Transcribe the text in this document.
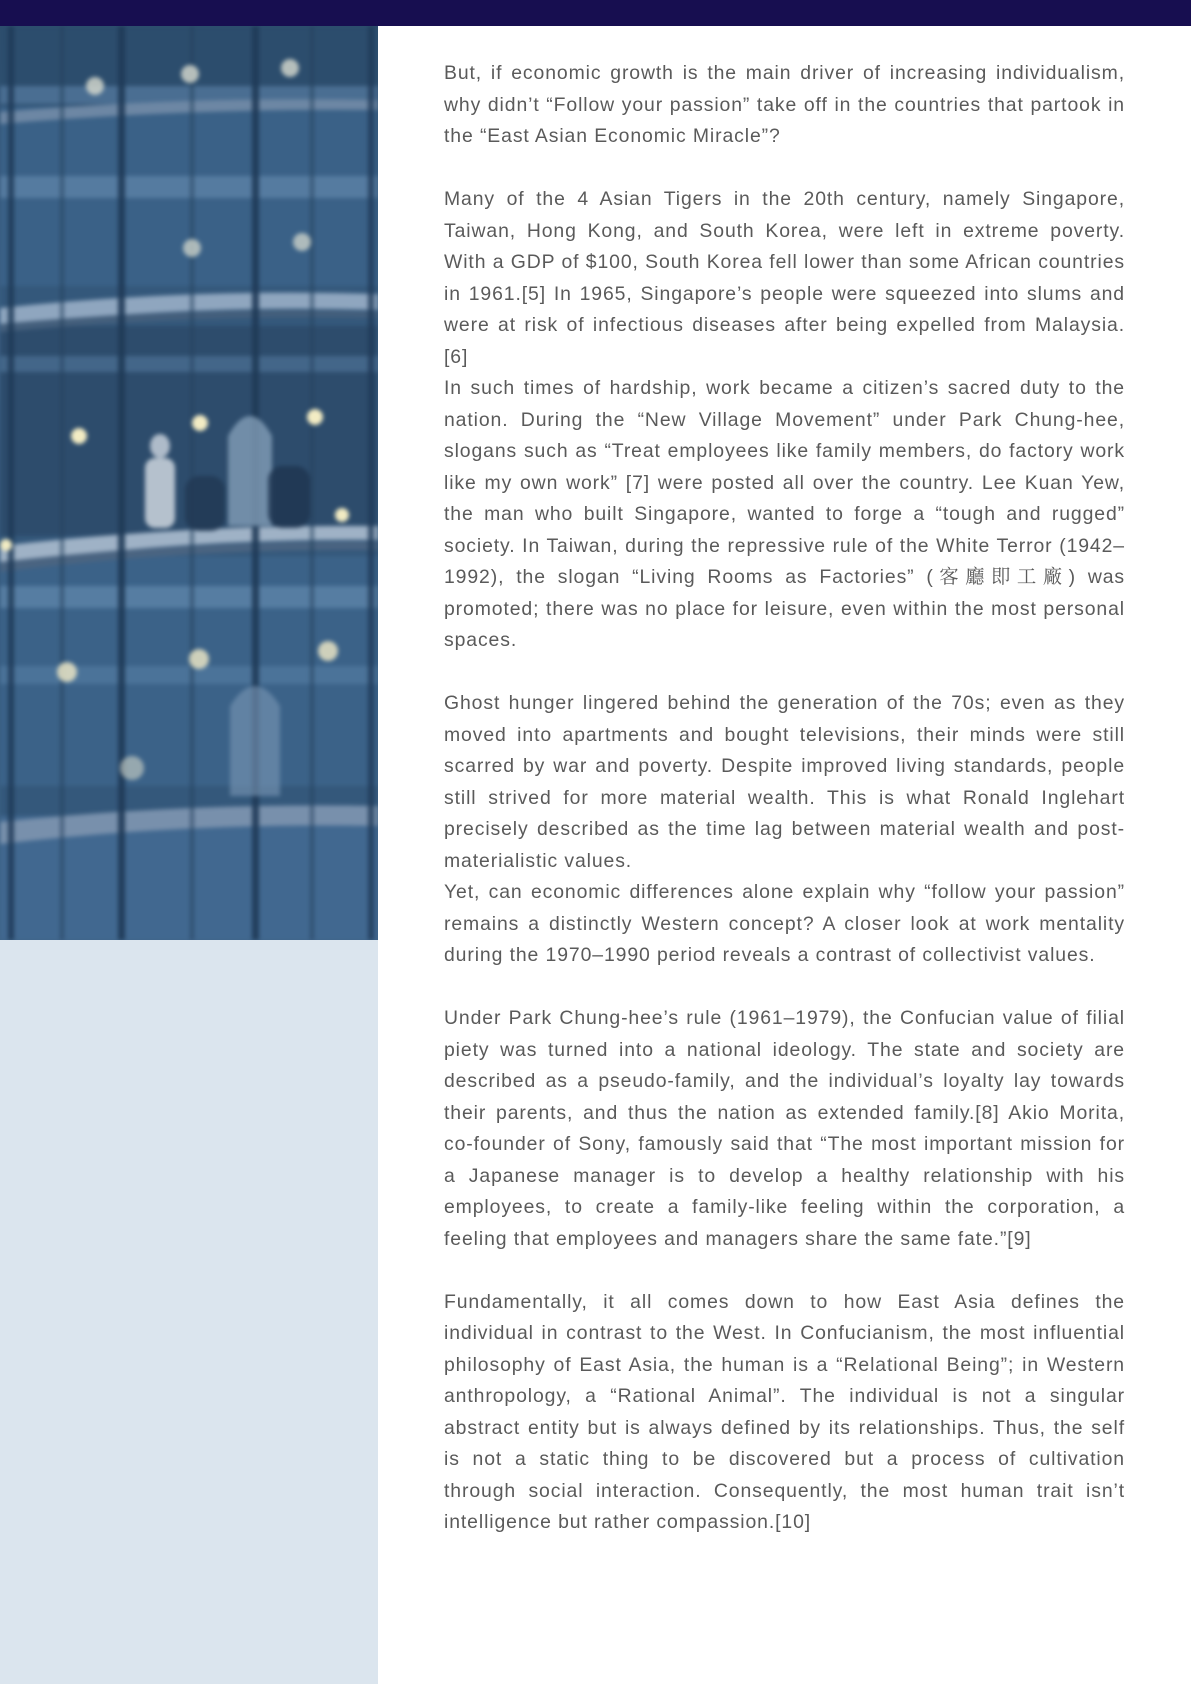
But, if economic growth is the main driver of increasing individualism, why didn’t “Follow your passion” take off in the countries that partook in the “East Asian Economic Miracle”?

Many of the 4 Asian Tigers in the 20th century, namely Singapore, Taiwan, Hong Kong, and South Korea, were left in extreme poverty. With a GDP of $100, South Korea fell lower than some African countries in 1961.[5] In 1965, Singapore’s people were squeezed into slums and were at risk of infectious diseases after being expelled from Malaysia.[6]

In such times of hardship, work became a citizen’s sacred duty to the nation. During the “New Village Movement” under Park Chung-hee, slogans such as “Treat employees like family members, do factory work like my own work” [7] were posted all over the country. Lee Kuan Yew, the man who built Singapore, wanted to forge a “tough and rugged” society. In Taiwan, during the repressive rule of the White Terror (1942–1992), the slogan “Living Rooms as Factories” (客廳即工廠) was promoted; there was no place for leisure, even within the most personal spaces.

Ghost hunger lingered behind the generation of the 70s; even as they moved into apartments and bought televisions, their minds were still scarred by war and poverty. Despite improved living standards, people still strived for more material wealth. This is what Ronald Inglehart precisely described as the time lag between material wealth and post-materialistic values.

Yet, can economic differences alone explain why “follow your passion” remains a distinctly Western concept? A closer look at work mentality during the 1970–1990 period reveals a contrast of collectivist values.

Under Park Chung-hee’s rule (1961–1979), the Confucian value of filial piety was turned into a national ideology. The state and society are described as a pseudo-family, and the individual’s loyalty lay towards their parents, and thus the nation as extended family.[8] Akio Morita, co-founder of Sony, famously said that “The most important mission for a Japanese manager is to develop a healthy relationship with his employees, to create a family-like feeling within the corporation, a feeling that employees and managers share the same fate.”[9]

Fundamentally, it all comes down to how East Asia defines the individual in contrast to the West. In Confucianism, the most influential philosophy of East Asia, the human is a “Relational Being”; in Western anthropology, a “Rational Animal”. The individual is not a singular abstract entity but is always defined by its relationships. Thus, the self is not a static thing to be discovered but a process of cultivation through social interaction. Consequently, the most human trait isn’t intelligence but rather compassion.[10]
